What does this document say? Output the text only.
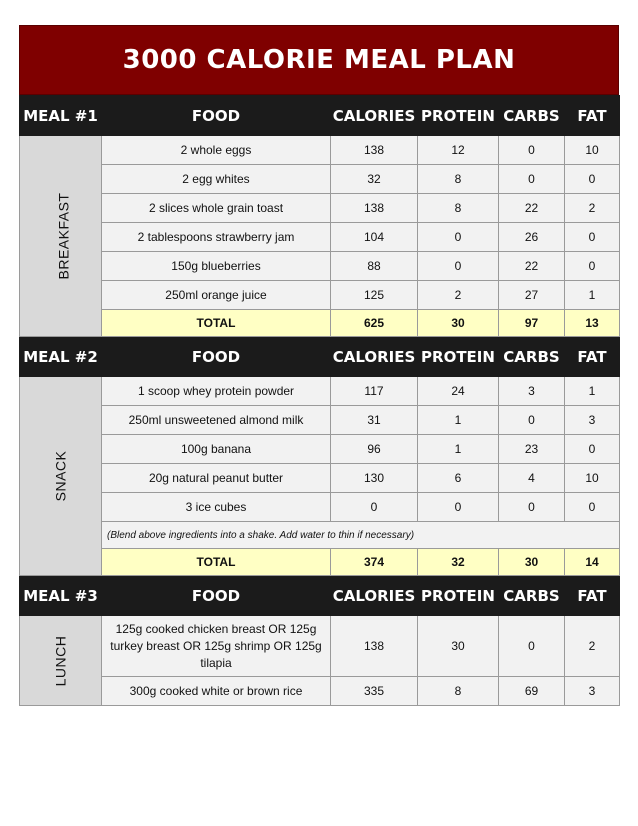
3000 CALORIE MEAL PLAN
MEAL #1	FOOD	CALORIES	PROTEIN	CARBS	FAT
BREAKFAST	2 whole eggs	138	12	0	10
	2 egg whites	32	8	0	0
	2 slices whole grain toast	138	8	22	2
	2 tablespoons strawberry jam	104	0	26	0
	150g blueberries	88	0	22	0
	250ml orange juice	125	2	27	1
	TOTAL	625	30	97	13
MEAL #2	FOOD	CALORIES	PROTEIN	CARBS	FAT
SNACK	1 scoop whey protein powder	117	24	3	1
	250ml unsweetened almond milk	31	1	0	3
	100g banana	96	1	23	0
	20g natural peanut butter	130	6	4	10
	3 ice cubes	0	0	0	0
	(Blend above ingredients into a shake. Add water to thin if necessary)				
	TOTAL	374	32	30	14
MEAL #3	FOOD	CALORIES	PROTEIN	CARBS	FAT
LUNCH	125g cooked chicken breast OR 125g turkey breast OR 125g shrimp OR 125g tilapia	138	30	0	2
	300g cooked white or brown rice	335	8	69	3
